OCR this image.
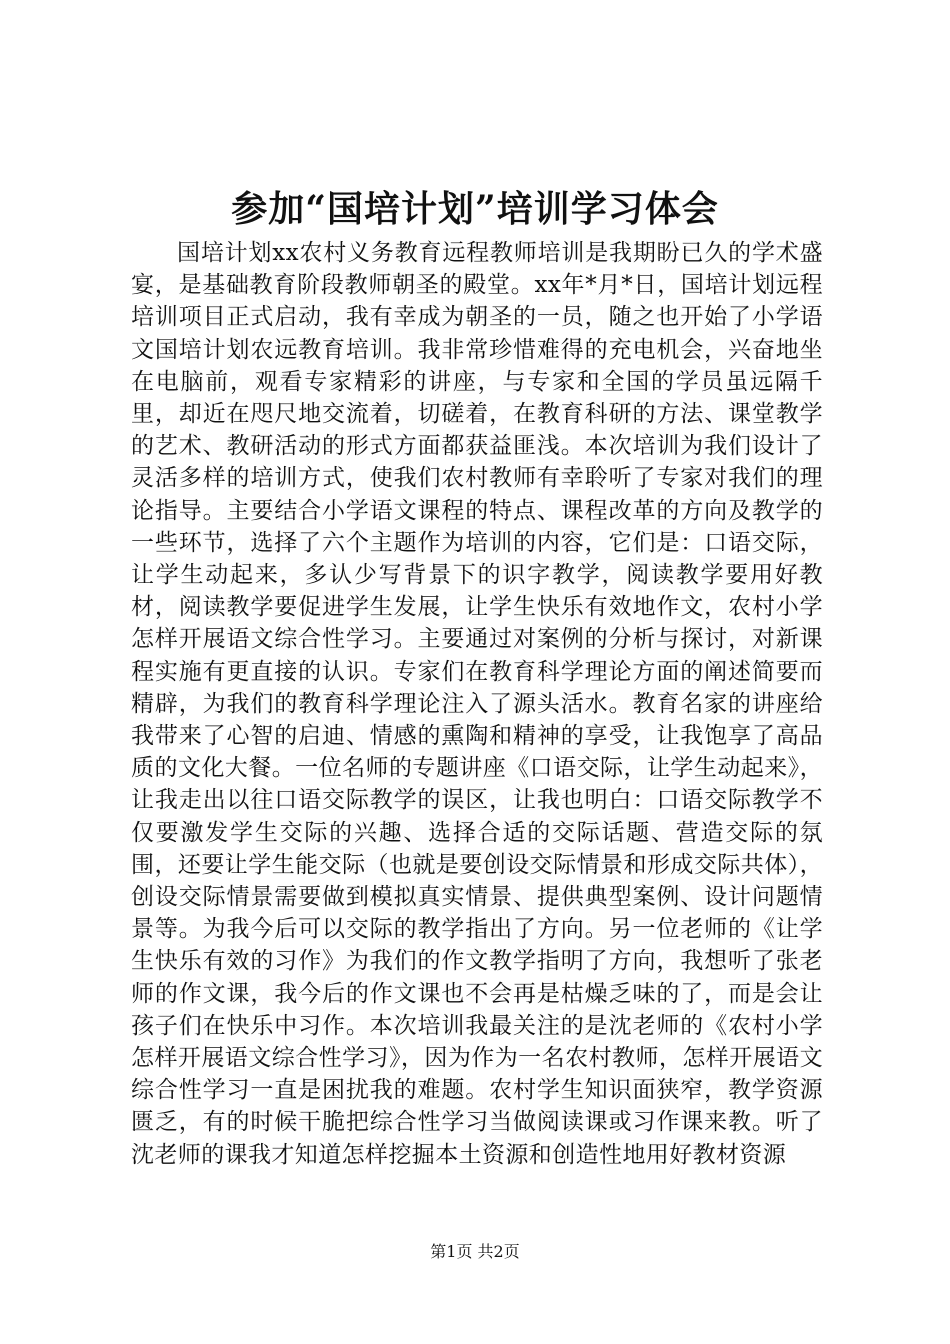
参加“国培计划”培训学习体会

国培计划xx农村义务教育远程教师培训是我期盼已久的学术盛宴，是基础教育阶段教师朝圣的殿堂。xx年*月*日，国培计划远程培训项目正式启动，我有幸成为朝圣的一员，随之也开始了小学语文国培计划农远教育培训。我非常珍惜难得的充电机会，兴奋地坐在电脑前，观看专家精彩的讲座，与专家和全国的学员虽远隔千里，却近在咫尺地交流着，切磋着，在教育科研的方法、课堂教学的艺术、教研活动的形式方面都获益匪浅。本次培训为我们设计了灵活多样的培训方式，使我们农村教师有幸聆听了专家对我们的理论指导。主要结合小学语文课程的特点、课程改革的方向及教学的一些环节，选择了六个主题作为培训的内容，它们是：口语交际，让学生动起来，多认少写背景下的识字教学，阅读教学要用好教材，阅读教学要促进学生发展，让学生快乐有效地作文，农村小学怎样开展语文综合性学习。主要通过对案例的分析与探讨，对新课程实施有更直接的认识。专家们在教育科学理论方面的阐述简要而精辟，为我们的教育科学理论注入了源头活水。教育名家的讲座给我带来了心智的启迪、情感的熏陶和精神的享受，让我饱享了高品质的文化大餐。一位名师的专题讲座《口语交际，让学生动起来》，让我走出以往口语交际教学的误区，让我也明白：口语交际教学不仅要激发学生交际的兴趣、选择合适的交际话题、营造交际的氛围，还要让学生能交际（也就是要创设交际情景和形成交际共体），创设交际情景需要做到模拟真实情景、提供典型案例、设计问题情景等。为我今后可以交际的教学指出了方向。另一位老师的《让学生快乐有效的习作》为我们的作文教学指明了方向，我想听了张老师的作文课，我今后的作文课也不会再是枯燥乏味的了，而是会让孩子们在快乐中习作。本次培训我最关注的是沈老师的《农村小学怎样开展语文综合性学习》，因为作为一名农村教师，怎样开展语文综合性学习一直是困扰我的难题。农村学生知识面狭窄，教学资源匮乏，有的时候干脆把综合性学习当做阅读课或习作课来教。听了沈老师的课我才知道怎样挖掘本土资源和创造性地用好教材资源

第1页 共2页
